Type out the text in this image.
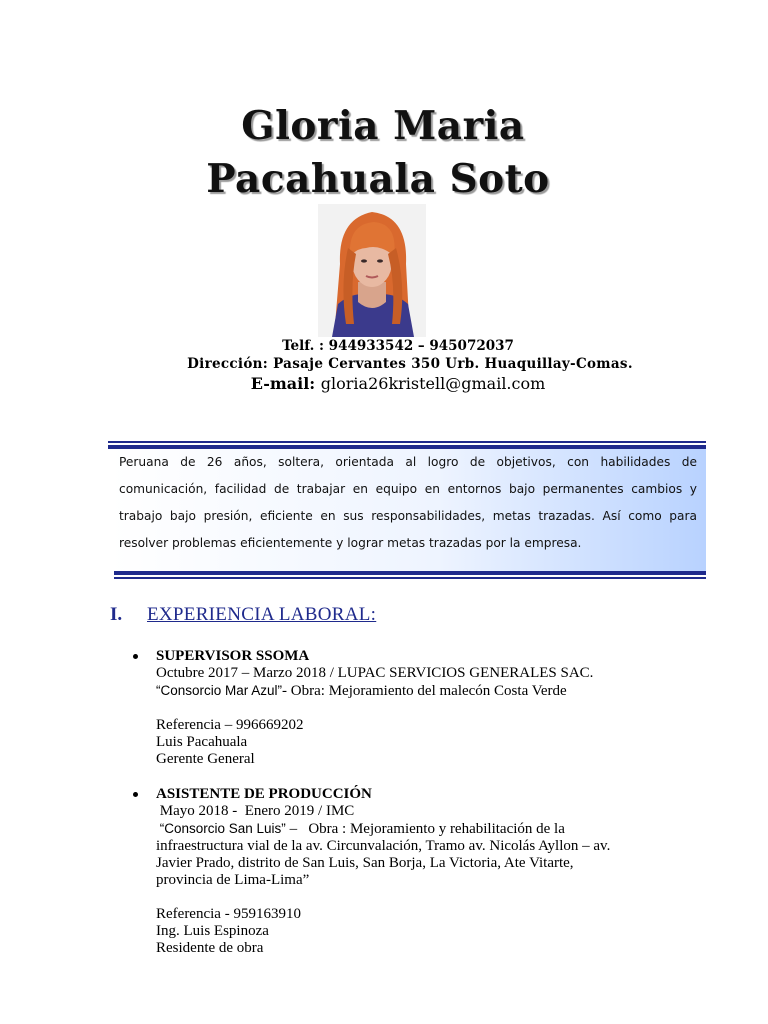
Gloria Maria
Pacahuala Soto
Telf. : 944933542 – 945072037
Dirección: Pasaje Cervantes 350 Urb. Huaquillay-Comas.
E-mail: gloria26kristell@gmail.com

Peruana de 26 años, soltera, orientada al logro de objetivos, con habilidades de comunicación, facilidad de trabajar en equipo en entornos bajo permanentes cambios y trabajo bajo presión, eficiente en sus responsabilidades, metas trazadas. Así como para resolver problemas eficientemente y lograr metas trazadas por la empresa.

I. EXPERIENCIA LABORAL:
SUPERVISOR SSOMA
Octubre 2017 – Marzo 2018 / LUPAC SERVICIOS GENERALES SAC.
“Consorcio Mar Azul”- Obra: Mejoramiento del malecón Costa Verde
Referencia – 996669202
Luis Pacahuala
Gerente General
ASISTENTE DE PRODUCCIÓN
Mayo 2018 -  Enero 2019 / IMC
“Consorcio San Luis” –   Obra : Mejoramiento y rehabilitación de la
infraestructura vial de la av. Circunvalación, Tramo av. Nicolás Ayllon – av.
Javier Prado, distrito de San Luis, San Borja, La Victoria, Ate Vitarte,
provincia de Lima-Lima”
Referencia - 959163910
Ing. Luis Espinoza
Residente de obra
